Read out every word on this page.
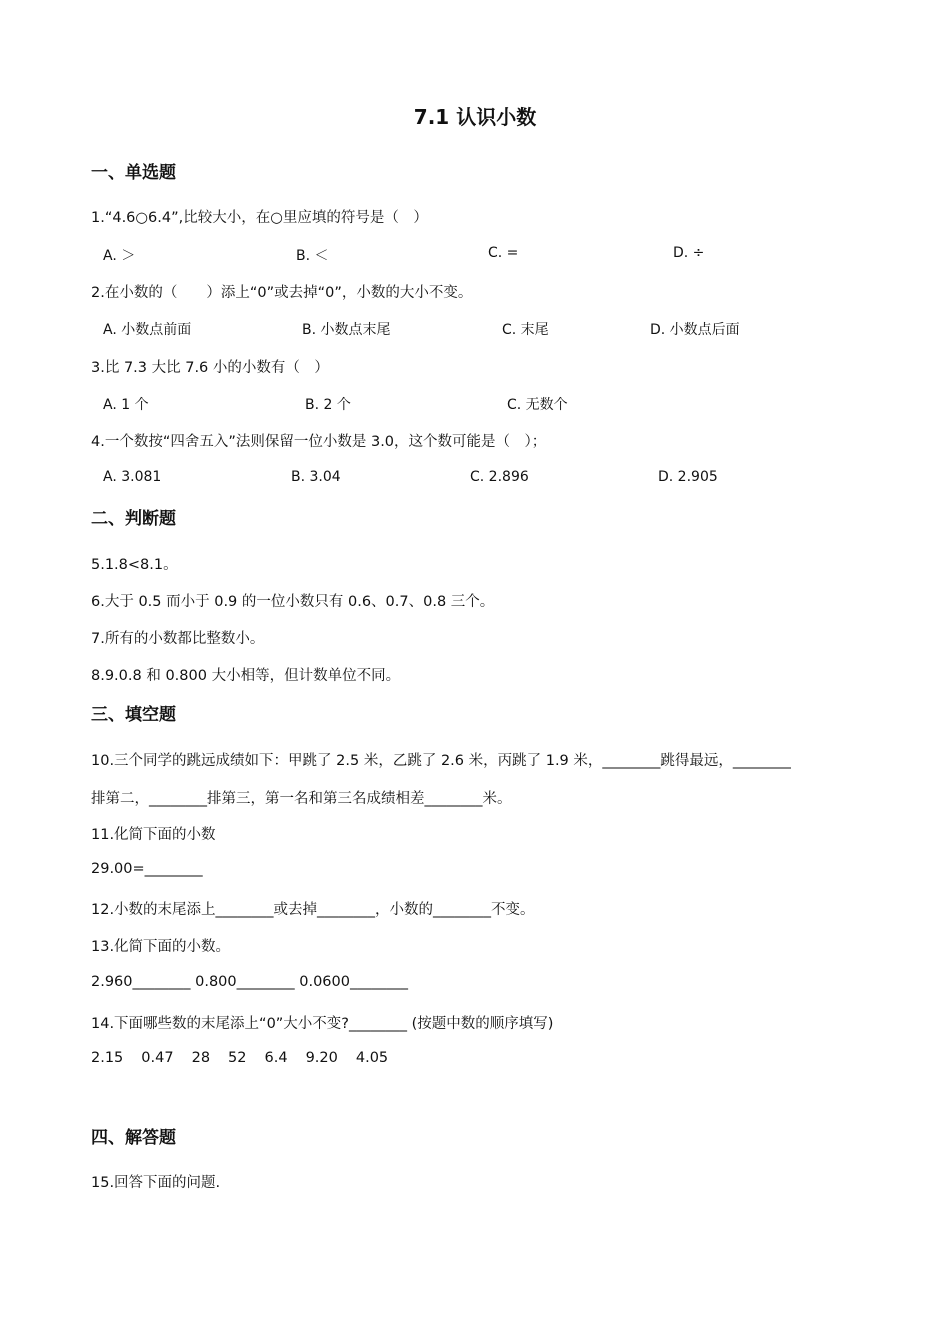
7.1 认识小数
一、单选题
1.“4.6○6.4”,比较大小，在○里应填的符号是（　）
A. ＞	B. ＜	C. =	D. ÷
2.在小数的（　　）添上“0”或去掉“0”，小数的大小不变。
A. 小数点前面	B. 小数点末尾	C. 末尾	D. 小数点后面
3.比 7.3 大比 7.6 小的小数有（　）
A. 1 个	B. 2 个	C. 无数个
4.一个数按“四舍五入”法则保留一位小数是 3.0，这个数可能是（　）；
A. 3.081	B. 3.04	C. 2.896	D. 2.905
二、判断题
5.1.8<8.1。
6.大于 0.5 而小于 0.9 的一位小数只有 0.6、0.7、0.8 三个。
7.所有的小数都比整数小。
8.9.0.8 和 0.800 大小相等，但计数单位不同。
三、填空题
10.三个同学的跳远成绩如下：甲跳了 2.5 米，乙跳了 2.6 米，丙跳了 1.9 米，________跳得最远，________
排第二，________排第三，第一名和第三名成绩相差________米。
11.化简下面的小数
29.00=________
12.小数的末尾添上________或去掉________，小数的________不变。
13.化简下面的小数。
2.960________ 0.800________ 0.0600________
14.下面哪些数的末尾添上“0”大小不变?________ (按题中数的顺序填写)
2.15 0.47 28 52 6.4 9.20 4.05
四、解答题
15.回答下面的问题.
